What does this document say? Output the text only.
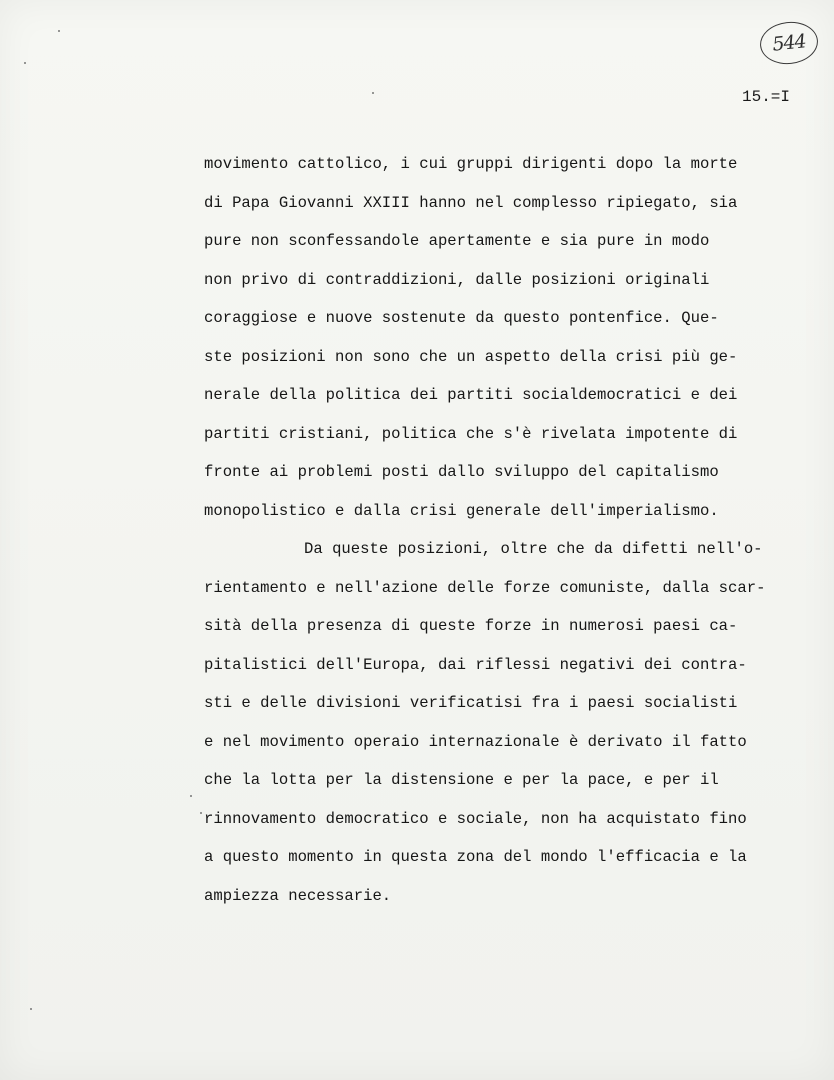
544
15.=I
movimento cattolico, i cui gruppi dirigenti dopo la morte
di Papa Giovanni XXIII hanno nel complesso ripiegato, sia
pure non sconfessandole apertamente e sia pure in modo
non privo di contraddizioni, dalle posizioni originali
coraggiose e nuove sostenute da questo pontenfice. Que-
ste posizioni non sono che un aspetto della crisi più ge-
nerale della politica dei partiti socialdemocratici e dei
partiti cristiani, politica che s'è rivelata impotente di
fronte ai problemi posti dallo sviluppo del capitalismo
monopolistico e dalla crisi generale dell'imperialismo.
Da queste posizioni, oltre che da difetti nell'o-
rientamento e nell'azione delle forze comuniste, dalla scar-
sità della presenza di queste forze in numerosi paesi ca-
pitalistici dell'Europa, dai riflessi negativi dei contra-
sti e delle divisioni verificatisi fra i paesi socialisti
e nel movimento operaio internazionale è derivato il fatto
che la lotta per la distensione e per la pace, e per il
rinnovamento democratico e sociale, non ha acquistato fino
a questo momento in questa zona del mondo l'efficacia e la
ampiezza necessarie.
